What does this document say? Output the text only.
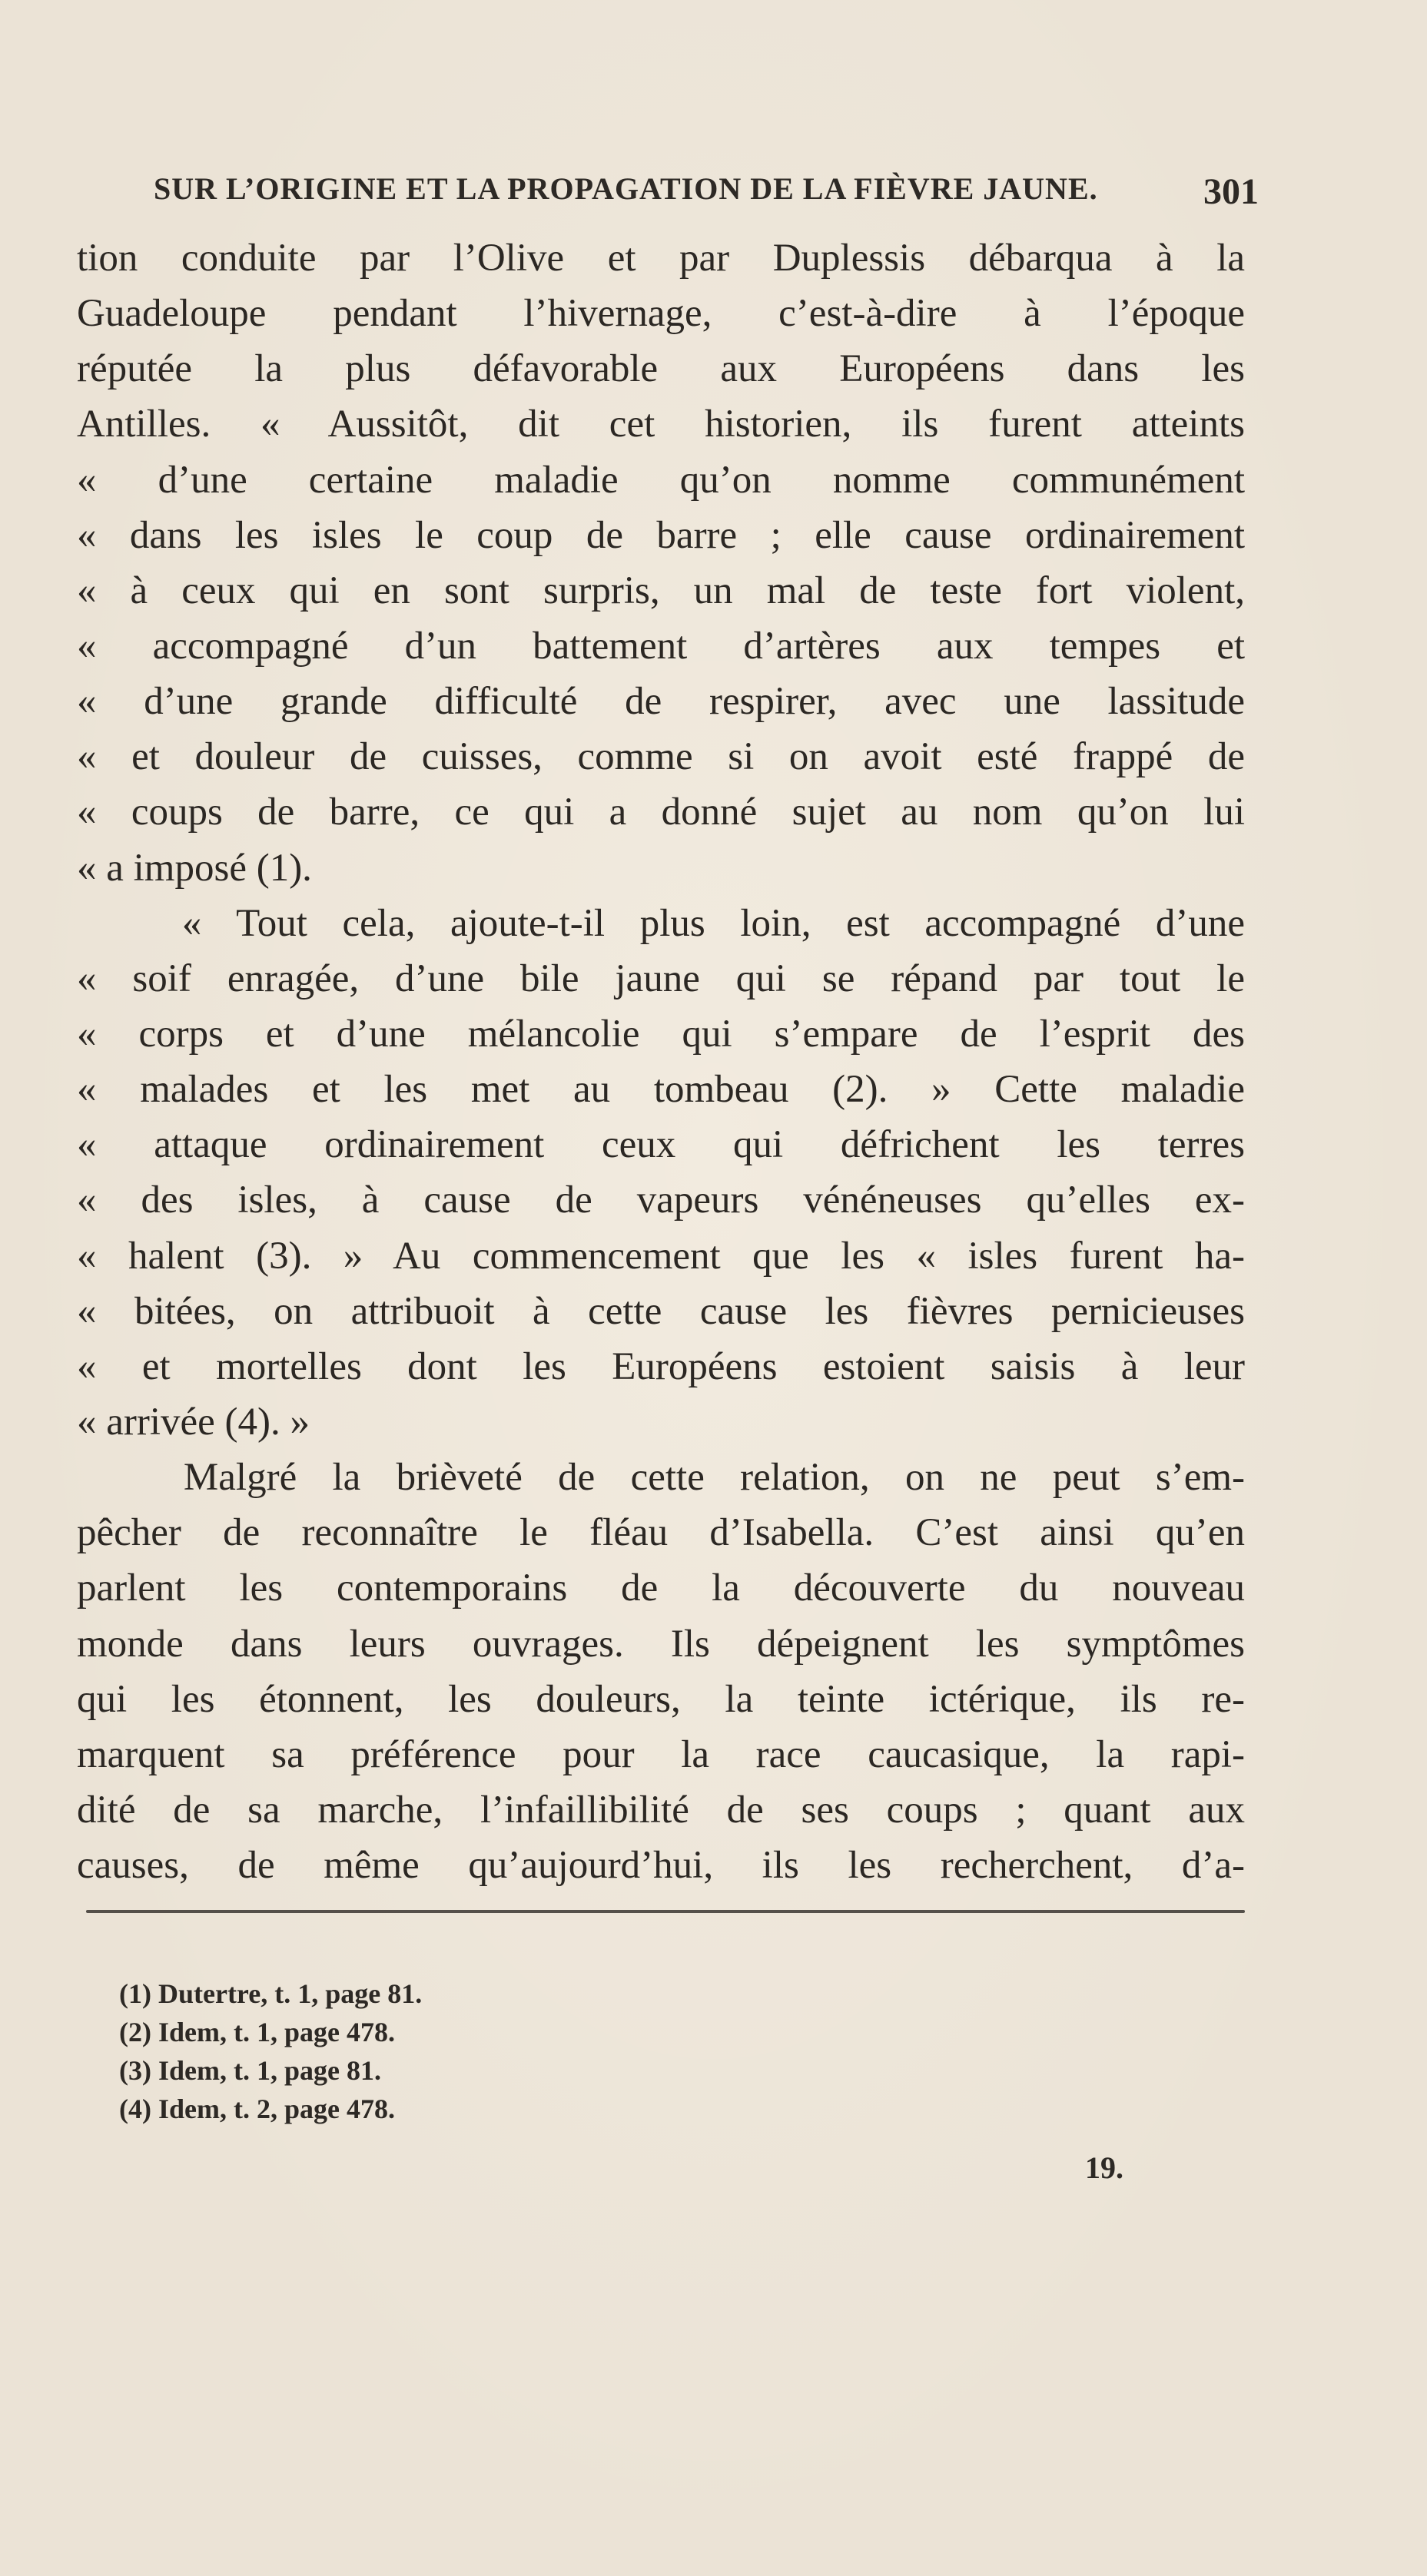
SUR L’ORIGINE ET LA PROPAGATION DE LA FIÈVRE JAUNE.	301
tion conduite par l’Olive et par Duplessis débarqua à la
Guadeloupe pendant l’hivernage, c’est-à-dire à l’époque
réputée la plus défavorable aux Européens dans les
Antilles. « Aussitôt, dit cet historien, ils furent atteints
« d’une certaine maladie qu’on nomme communément
« dans les isles le coup de barre ; elle cause ordinairement
« à ceux qui en sont surpris, un mal de teste fort violent,
« accompagné d’un battement d’artères aux tempes et
« d’une grande difficulté de respirer, avec une lassitude
« et douleur de cuisses, comme si on avoit esté frappé de
« coups de barre, ce qui a donné sujet au nom qu’on lui
« a imposé (1).
« Tout cela, ajoute-t-il plus loin, est accompagné d’une
« soif enragée, d’une bile jaune qui se répand par tout le
« corps et d’une mélancolie qui s’empare de l’esprit des
« malades et les met au tombeau (2). » Cette maladie
« attaque ordinairement ceux qui défrichent les terres
« des isles, à cause de vapeurs vénéneuses qu’elles ex-
« halent (3). » Au commencement que les « isles furent ha-
« bitées, on attribuoit à cette cause les fièvres pernicieuses
« et mortelles dont les Européens estoient saisis à leur
« arrivée (4). »
Malgré la brièveté de cette relation, on ne peut s’em-
pêcher de reconnaître le fléau d’Isabella. C’est ainsi qu’en
parlent les contemporains de la découverte du nouveau
monde dans leurs ouvrages. Ils dépeignent les symptômes
qui les étonnent, les douleurs, la teinte ictérique, ils re-
marquent sa préférence pour la race caucasique, la rapi-
dité de sa marche, l’infaillibilité de ses coups ; quant aux
causes, de même qu’aujourd’hui, ils les recherchent, d’a-
(1) Dutertre, t. 1, page 81.
(2) Idem, t. 1, page 478.
(3) Idem, t. 1, page 81.
(4) Idem, t. 2, page 478.
19.
